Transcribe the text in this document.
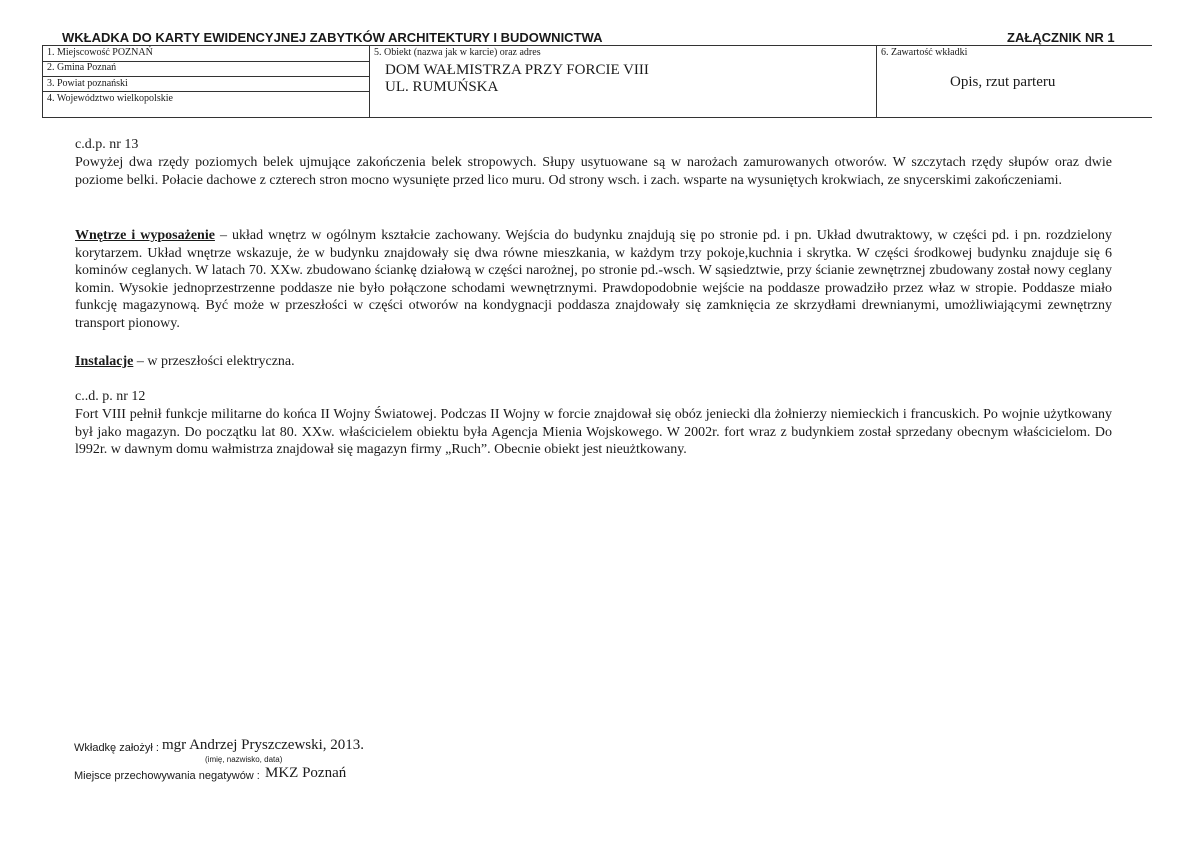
WKŁADKA DO KARTY EWIDENCYJNEJ ZABYTKÓW ARCHITEKTURY I BUDOWNICTWA	ZAŁĄCZNIK NR 1
1. Miejscowość POZNAŃ
2. Gmina Poznań
3. Powiat poznański
4. Województwo wielkopolskie
5. Obiekt (nazwa jak w karcie) oraz adres
DOM WAŁMISTRZA PRZY FORCIE VIII
UL. RUMUŃSKA
6. Zawartość wkładki
Opis, rzut parteru
c.d.p. nr 13
Powyżej dwa rzędy poziomych belek ujmujące zakończenia belek stropowych. Słupy usytuowane są w narożach zamurowanych otworów. W szczytach rzędy słupów oraz dwie poziome belki. Połacie dachowe z czterech stron mocno wysunięte przed lico muru. Od strony wsch. i zach. wsparte na wysuniętych krokwiach, ze snycerskimi zakończeniami.
Wnętrze i wyposażenie – układ wnętrz w ogólnym kształcie zachowany. Wejścia do budynku znajdują się po stronie pd. i pn. Układ dwutraktowy, w części pd. i pn. rozdzielony korytarzem. Układ wnętrze wskazuje, że w budynku znajdowały się dwa równe mieszkania, w każdym trzy pokoje,kuchnia i skrytka. W części środkowej budynku znajduje się 6 kominów ceglanych. W latach 70. XXw. zbudowano ściankę działową w części narożnej, po stronie pd.-wsch. W sąsiedztwie, przy ścianie zewnętrznej zbudowany został nowy ceglany komin. Wysokie jednoprzestrzenne poddasze nie było połączone schodami wewnętrznymi. Prawdopodobnie wejście na poddasze prowadziło przez właz w stropie. Poddasze miało funkcję magazynową. Być może w przeszłości w części otworów na kondygnacji poddasza znajdowały się zamknięcia ze skrzydłami drewnianymi, umożliwiającymi zewnętrzny transport pionowy.
Instalacje – w przeszłości elektryczna.
c..d. p. nr 12
Fort VIII pełnił funkcje militarne do końca II Wojny Światowej. Podczas II Wojny w forcie znajdował się obóz jeniecki dla żołnierzy niemieckich i francuskich. Po wojnie użytkowany był jako magazyn. Do początku lat 80. XXw. właścicielem obiektu była Agencja Mienia Wojskowego. W 2002r. fort wraz z budynkiem został sprzedany obecnym właścicielom. Do l992r. w dawnym domu wałmistrza znajdował się magazyn firmy „Ruch”. Obecnie obiekt jest nieużtkowany.
Wkładkę założył : mgr Andrzej Pryszczewski, 2013.
(imię, nazwisko, data)
Miejsce przechowywania negatywów : MKZ Poznań
